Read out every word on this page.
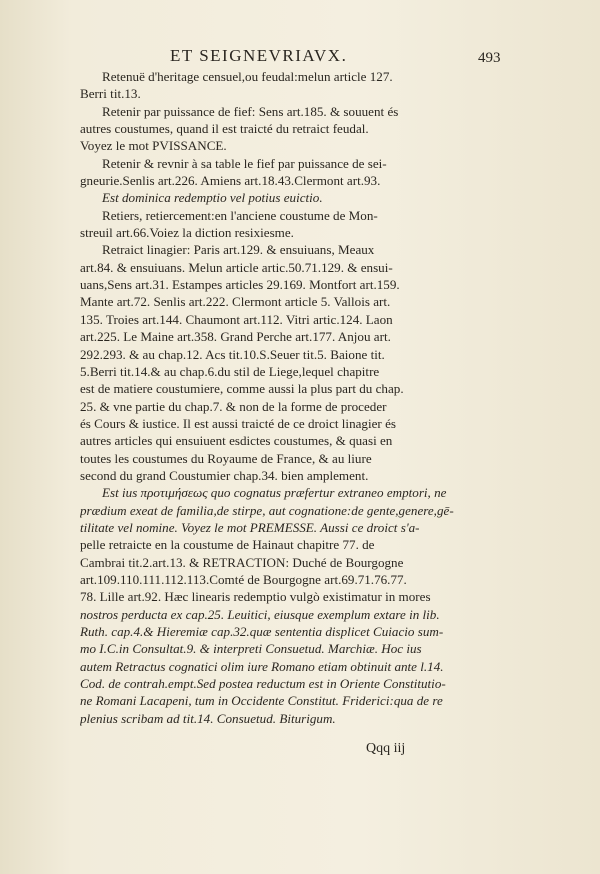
ET SEIGNEVRIAVX.	493
Retenuë d'heritage censuel,ou feudal:melun article 127.
Berri tit.13.
Retenir par puissance de fief: Sens art.185. & souuent és
autres coustumes, quand il est traicté du retraict feudal.
Voyez le mot PVISSANCE.
Retenir & revnir à sa table le fief par puissance de sei-
gneurie.Senlis art.226. Amiens art.18.43.Clermont art.93.
Est dominica redemptio vel potius euictio.
Retiers, retiercement:en l'anciene coustume de Mon-
streuil art.66.Voiez la diction resixiesme.
Retraict linagier: Paris art.129. & ensuiuans, Meaux
art.84. & ensuiuans. Melun article artic.50.71.129. & ensui-
uans,Sens art.31. Estampes articles 29.169. Montfort art.159.
Mante art.72. Senlis art.222. Clermont article 5. Vallois art.
135. Troies art.144. Chaumont art.112. Vitri artic.124. Laon
art.225. Le Maine art.358. Grand Perche art.177. Anjou art.
292.293. & au chap.12. Acs tit.10.S.Seuer tit.5. Baione tit.
5.Berri tit.14.& au chap.6.du stil de Liege,lequel chapitre
est de matiere coustumiere, comme aussi la plus part du chap.
25. & vne partie du chap.7. & non de la forme de proceder
és Cours & iustice. Il est aussi traicté de ce droict linagier és
autres articles qui ensuiuent esdictes coustumes, & quasi en
toutes les coustumes du Royaume de France, & au liure
second du grand Coustumier chap.34. bien amplement.
Est ius προτιμήσεως quo cognatus præfertur extraneo emptori, ne
prædium exeat de familia,de stirpe, aut cognatione:de gente,genere,gē-
tilitate vel nomine. Voyez le mot PREMESSE. Aussi ce droict s'a-
pelle retraicte en la coustume de Hainaut chapitre 77. de
Cambrai tit.2.art.13. & RETRACTION: Duché de Bourgogne
art.109.110.111.112.113.Comté de Bourgogne art.69.71.76.77.
78. Lille art.92. Hæc linearis redemptio vulgò existimatur in mores
nostros perducta ex cap.25. Leuitici, eiusque exemplum extare in lib.
Ruth. cap.4.& Hieremiæ cap.32.quæ sententia displicet Cuiacio sum-
mo I.C.in Consultat.9. & interpreti Consuetud. Marchiæ. Hoc ius
autem Retractus cognatici olim iure Romano etiam obtinuit ante l.14.
Cod. de contrah.empt.Sed postea reductum est in Oriente Constitutio-
ne Romani Lacapeni, tum in Occidente Constitut. Friderici:qua de re
plenius scribam ad tit.14. Consuetud. Biturigum.
Qqq iij
